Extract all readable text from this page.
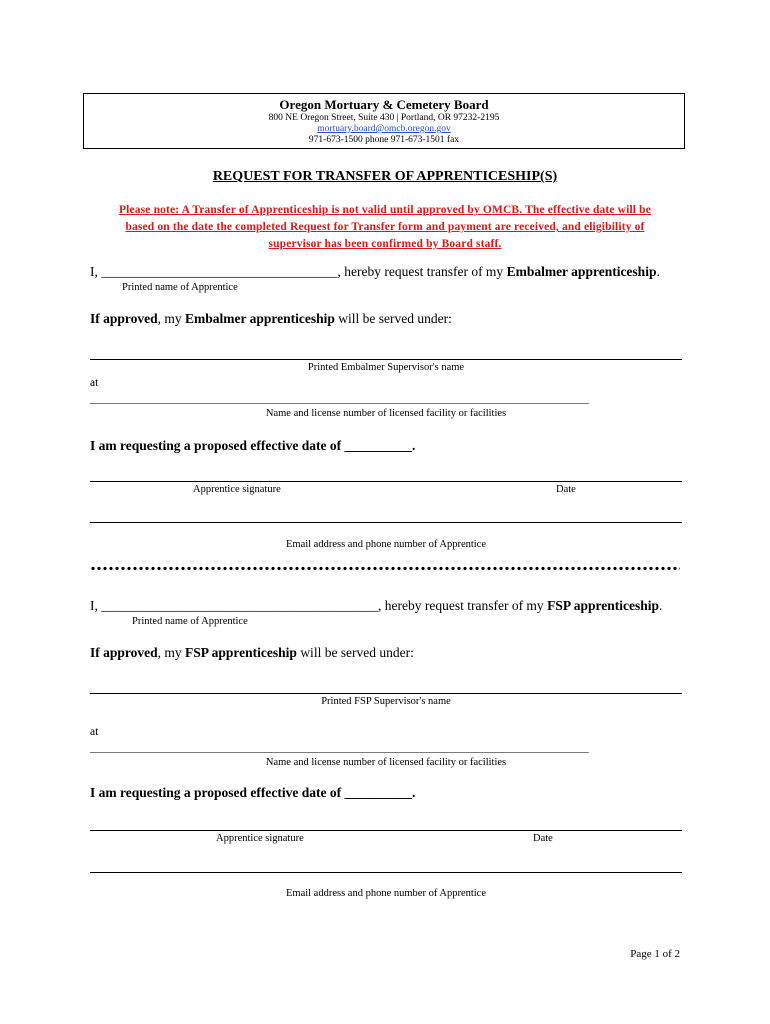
Oregon Mortuary & Cemetery Board
800 NE Oregon Street, Suite 430 | Portland, OR 97232-2195
mortuary.board@omcb.oregon.gov
971-673-1500 phone 971-673-1501 fax
REQUEST FOR TRANSFER OF APPRENTICESHIP(S)
Please note: A Transfer of Apprenticeship is not valid until approved by OMCB. The effective date will be
based on the date the completed Request for Transfer form and payment are received, and eligibility of
supervisor has been confirmed by Board staff.
I, ___________________________________, hereby request transfer of my Embalmer apprenticeship.
Printed name of Apprentice
If approved, my Embalmer apprenticeship will be served under:
Printed Embalmer Supervisor's name
at
_______________________________________________________________________________________________
Name and license number of licensed facility or facilities
I am requesting a proposed effective date of __________.
Apprentice signature	Date
Email address and phone number of Apprentice
I, _________________________________________, hereby request transfer of my FSP apprenticeship.
Printed name of Apprentice
If approved, my FSP apprenticeship will be served under:
Printed FSP Supervisor's name
at
_______________________________________________________________________________________________
Name and license number of licensed facility or facilities
I am requesting a proposed effective date of __________.
Apprentice signature	Date
Email address and phone number of Apprentice
Page 1 of 2
